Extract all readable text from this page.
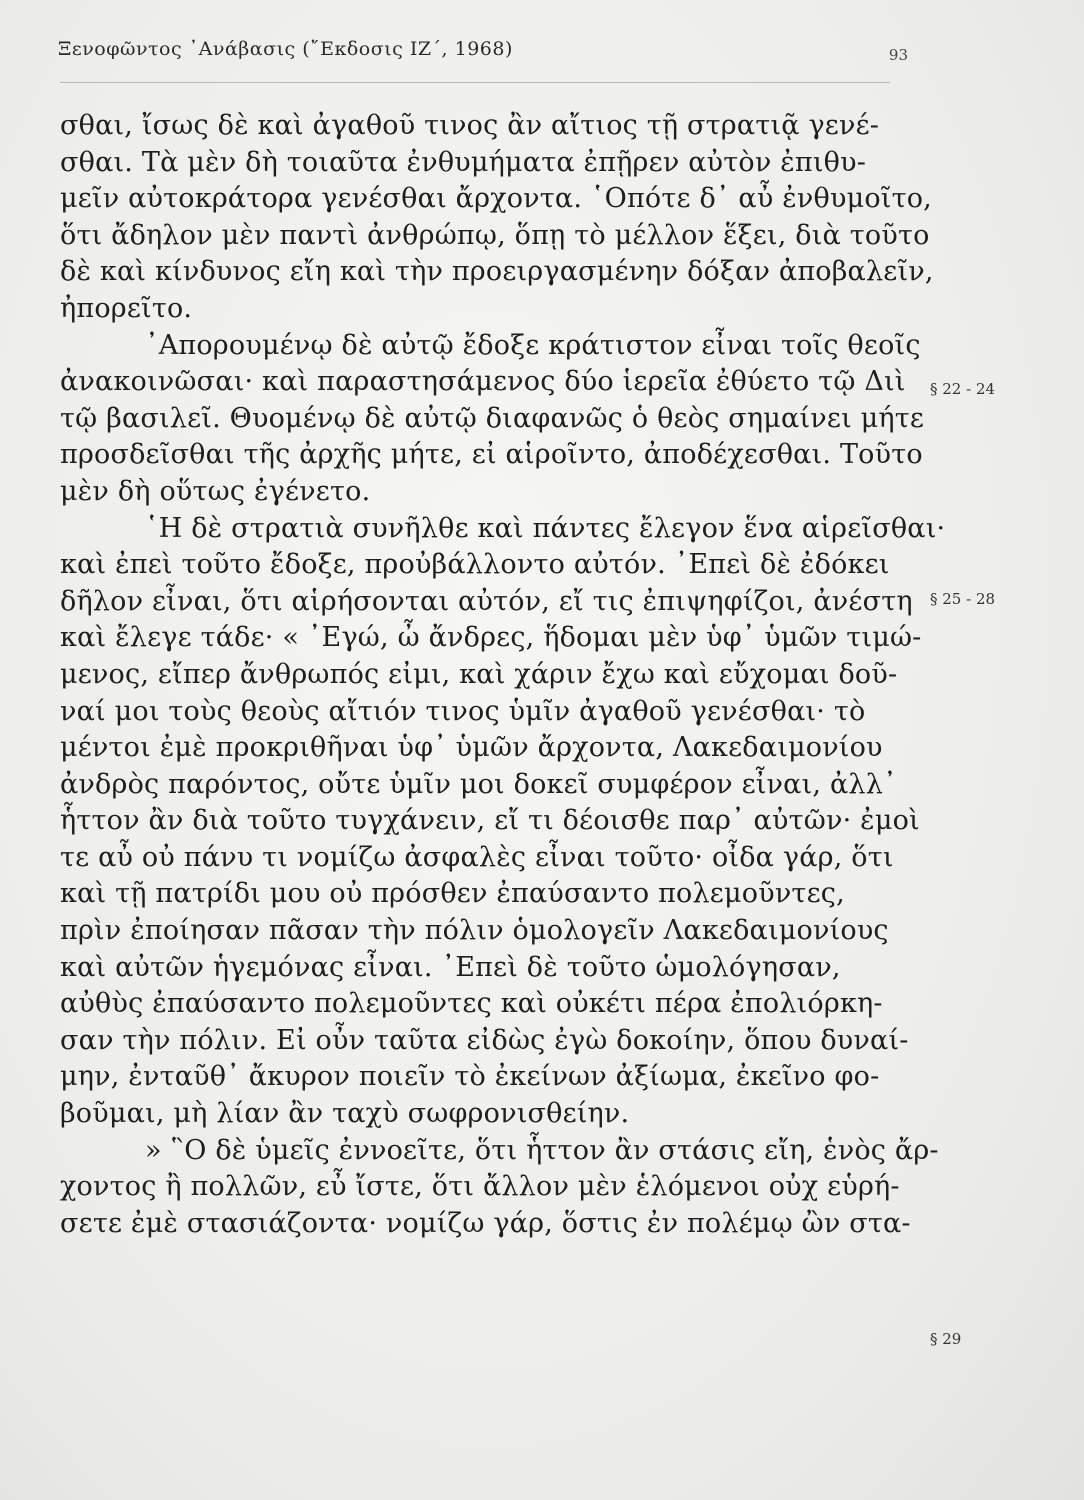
Ξενοφῶντος ᾿Ανάβασις (῎Εκδοσις ΙΖ΄, 1968)	93
σθαι, ἴσως δὲ καὶ ἀγαθοῦ τινος ἂν αἴτιος τῇ στρατιᾷ γενέ-
σθαι. Τὰ μὲν δὴ τοιαῦτα ἐνθυμήματα ἐπῇρεν αὐτὸν ἐπιθυ-
μεῖν αὐτοκράτορα γενέσθαι ἄρχοντα. ῾Οπότε δ᾿ αὖ ἐνθυμοῖτο,
ὅτι ἄδηλον μὲν παντὶ ἀνθρώπῳ, ὅπῃ τὸ μέλλον ἕξει, διὰ τοῦτο
δὲ καὶ κίνδυνος εἴη καὶ τὴν προειργασμένην δόξαν ἀποβαλεῖν,
ἠπορεῖτο.
᾿Απορουμένῳ δὲ αὐτῷ ἔδοξε κράτιστον εἶναι τοῖς θεοῖς
ἀνακοινῶσαι· καὶ παραστησάμενος δύο ἱερεῖα ἐθύετο τῷ Διὶ
τῷ βασιλεῖ. Θυομένῳ δὲ αὐτῷ διαφανῶς ὁ θεὸς σημαίνει μήτε
προσδεῖσθαι τῆς ἀρχῆς μήτε, εἰ αἱροῖντο, ἀποδέχεσθαι. Τοῦτο
μὲν δὴ οὕτως ἐγένετο.
῾Η δὲ στρατιὰ συνῆλθε καὶ πάντες ἔλεγον ἕνα αἱρεῖσθαι·
καὶ ἐπεὶ τοῦτο ἔδοξε, προὐβάλλοντο αὐτόν. ᾿Επεὶ δὲ ἐδόκει
δῆλον εἶναι, ὅτι αἱρήσονται αὐτόν, εἴ τις ἐπιψηφίζοι, ἀνέστη
καὶ ἔλεγε τάδε· « ᾿Εγώ, ὦ ἄνδρες, ἥδομαι μὲν ὑφ᾿ ὑμῶν τιμώ-
μενος, εἴπερ ἄνθρωπός εἰμι, καὶ χάριν ἔχω καὶ εὔχομαι δοῦ-
ναί μοι τοὺς θεοὺς αἴτιόν τινος ὑμῖν ἀγαθοῦ γενέσθαι· τὸ
μέντοι ἐμὲ προκριθῆναι ὑφ᾿ ὑμῶν ἄρχοντα, Λακεδαιμονίου
ἀνδρὸς παρόντος, οὔτε ὑμῖν μοι δοκεῖ συμφέρον εἶναι, ἀλλ᾿
ἧττον ἂν διὰ τοῦτο τυγχάνειν, εἴ τι δέοισθε παρ᾿ αὐτῶν· ἐμοὶ
τε αὖ οὐ πάνυ τι νομίζω ἀσφαλὲς εἶναι τοῦτο· οἶδα γάρ, ὅτι
καὶ τῇ πατρίδι μου οὐ πρόσθεν ἐπαύσαντο πολεμοῦντες,
πρὶν ἐποίησαν πᾶσαν τὴν πόλιν ὁμολογεῖν Λακεδαιμονίους
καὶ αὐτῶν ἡγεμόνας εἶναι. ᾿Επεὶ δὲ τοῦτο ὡμολόγησαν,
αὐθὺς ἐπαύσαντο πολεμοῦντες καὶ οὐκέτι πέρα ἐπολιόρκη-
σαν τὴν πόλιν. Εἰ οὖν ταῦτα εἰδὼς ἐγὼ δοκοίην, ὅπου δυναί-
μην, ἐνταῦθ᾿ ἄκυρον ποιεῖν τὸ ἐκείνων ἀξίωμα, ἐκεῖνο φο-
βοῦμαι, μὴ λίαν ἂν ταχὺ σωφρονισθείην.
» ῝Ο δὲ ὑμεῖς ἐννοεῖτε, ὅτι ἧττον ἂν στάσις εἴη, ἑνὸς ἄρ-
χοντος ἢ πολλῶν, εὖ ἴστε, ὅτι ἄλλον μὲν ἑλόμενοι οὐχ εὑρή-
σετε ἐμὲ στασιάζοντα· νομίζω γάρ, ὅστις ἐν πολέμῳ ὢν στα-
§ 22 - 24
§ 25 - 28
§ 29
